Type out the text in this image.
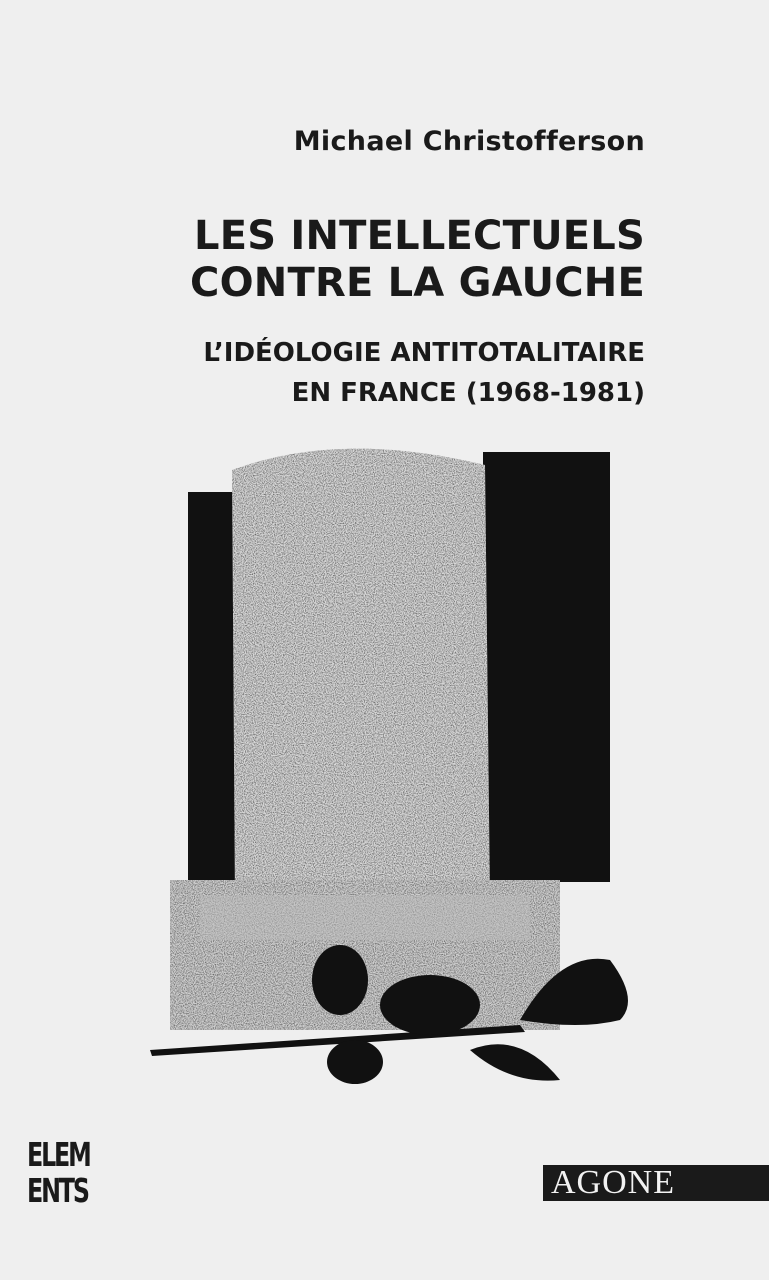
Michael Christofferson
LES INTELLECTUELS
CONTRE LA GAUCHE
L’IDÉOLOGIE ANTITOTALITAIRE
EN FRANCE (1968-1981)
ELEM
ENTS	AGONE
